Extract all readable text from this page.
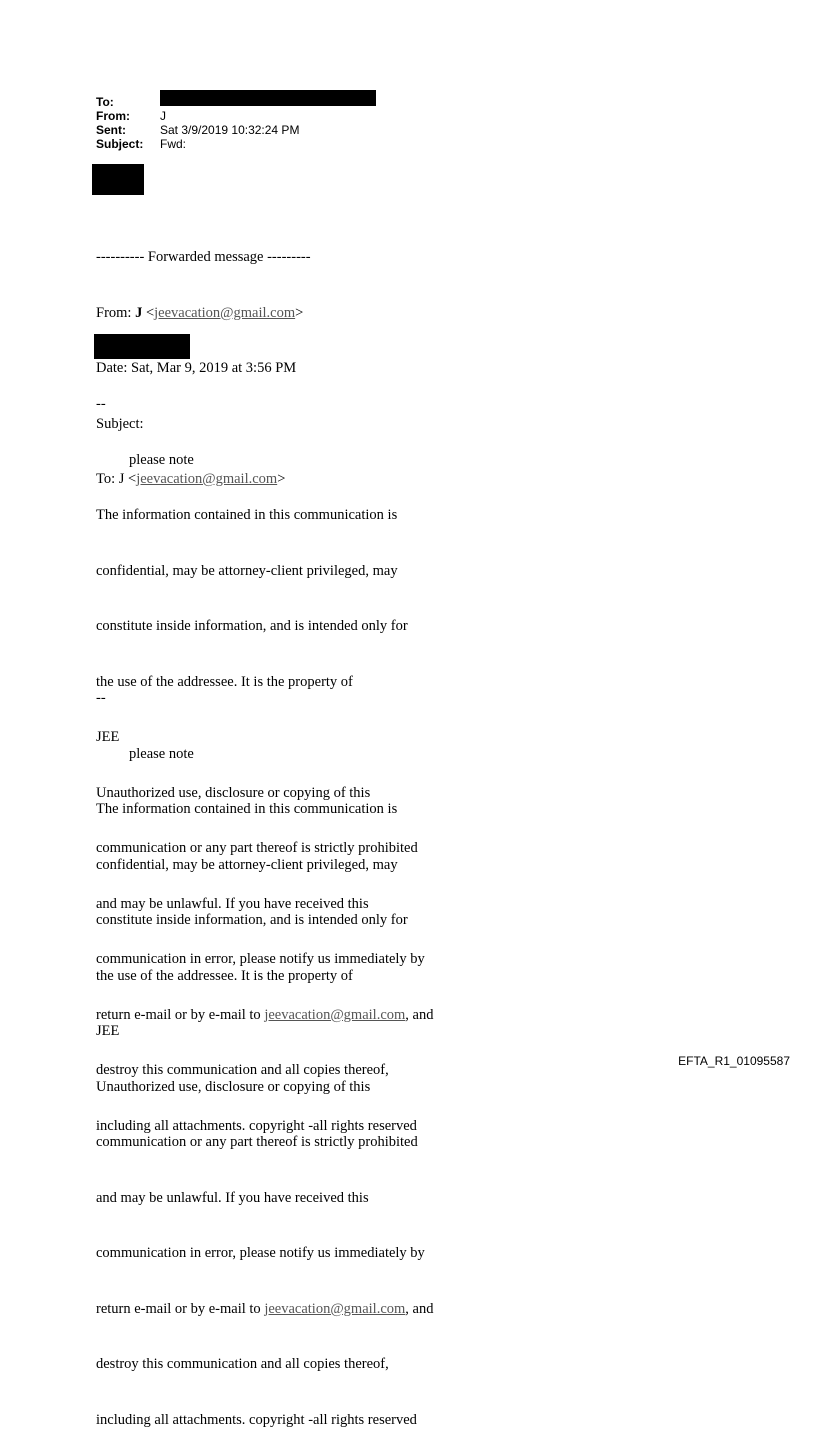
To:
From:	J
Sent:	Sat 3/9/2019 10:32:24 PM
Subject:	Fwd:

---------- Forwarded message ---------

From: J <jeevacation@gmail.com>

Date: Sat, Mar 9, 2019 at 3:56 PM

Subject:

To: J <jeevacation@gmail.com>

--

please note

The information contained in this communication is

confidential, may be attorney-client privileged, may

constitute inside information, and is intended only for

the use of the addressee. It is the property of

JEE

Unauthorized use, disclosure or copying of this

communication or any part thereof is strictly prohibited

and may be unlawful. If you have received this

communication in error, please notify us immediately by

return e-mail or by e-mail to jeevacation@gmail.com, and

destroy this communication and all copies thereof,

including all attachments. copyright -all rights reserved

--

please note

The information contained in this communication is

confidential, may be attorney-client privileged, may

constitute inside information, and is intended only for

the use of the addressee. It is the property of

JEE

Unauthorized use, disclosure or copying of this

communication or any part thereof is strictly prohibited

and may be unlawful. If you have received this

communication in error, please notify us immediately by

return e-mail or by e-mail to jeevacation@gmail.com, and

destroy this communication and all copies thereof,

including all attachments. copyright -all rights reserved

EFTA_R1_01095587
